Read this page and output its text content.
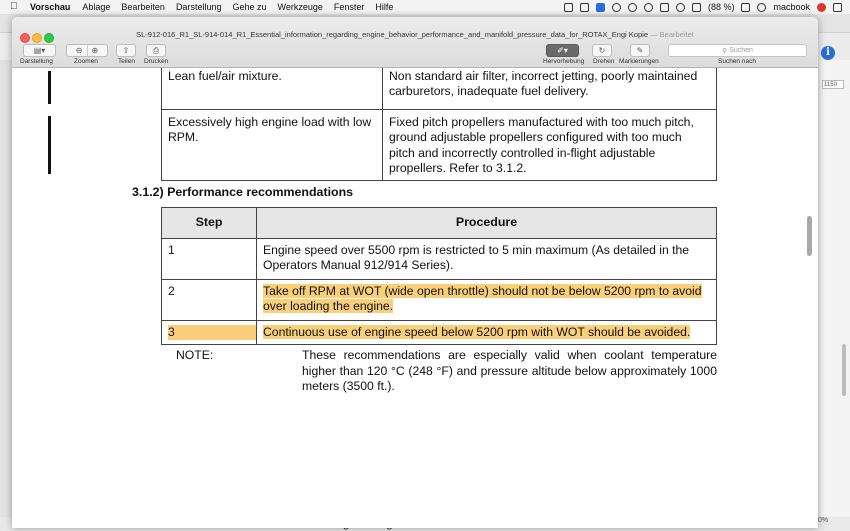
Vorschau Ablage Bearbeiten Darstellung Gehe zu Werkzeuge Fenster Hilfe	(88 %)	macbook
i
1150
0%
SL-912-016_R1_SL-914-014_R1_Essential_information_regarding_engine_behavior_performance_and_manifold_pressure_data_for_ROTAX_Engi Kopie — Bearbeitet
▤ ▾
Darstellung
⊖ ⊕
Zoomen
⇧
Teilen
⎙
Drucken
✐ ▾
Hervorhebung
↻
Drehen
✎
Markierungen
⚲ Suchen
Suchen nach
Lean fuel/air mixture.	Non standard air filter, incorrect jetting, poorly maintained carburetors, inadequate fuel delivery.
Excessively high engine load with low RPM.	Fixed pitch propellers manufactured with too much pitch, ground adjustable propellers configured with too much pitch and incorrectly controlled in-flight adjustable propellers. Refer to 3.1.2.
3.1.2) Performance recommendations
Step	Procedure
1	Engine speed over 5500 rpm is restricted to 5 min maximum (As detailed in the Operators Manual 912/914 Series).
2	Take off RPM at WOT (wide open throttle) should not be below 5200 rpm to avoid over loading the engine.
3	Continuous use of engine speed below 5200 rpm with WOT should be avoided.
NOTE:	These recommendations are especially valid when coolant temperature higher than 120 °C (248 °F) and pressure altitude below approximately 1000 meters (3500 ft.).
